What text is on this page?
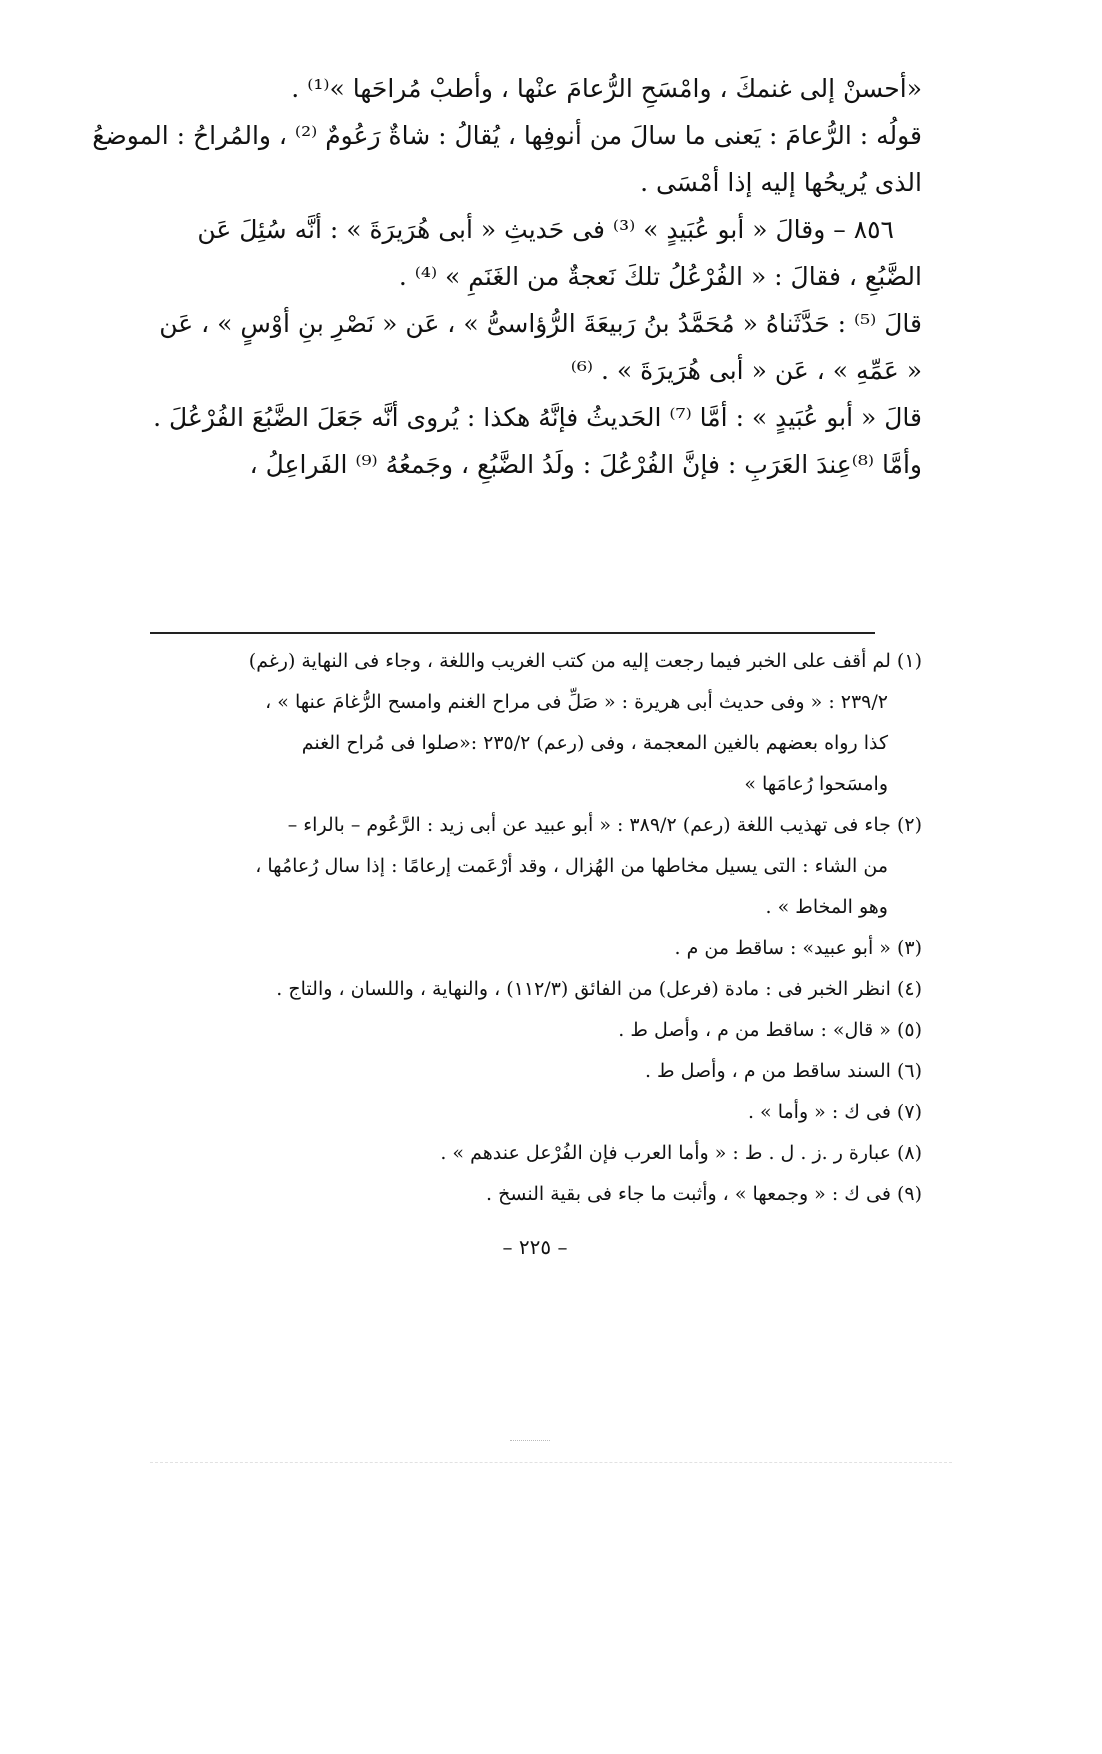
«أحسنْ إلى غنمكَ ، وامْسَحِ الرُّعامَ عنْها ، وأطبْ مُراحَها »⁽¹⁾ .

قولُه : الرُّعامَ : يَعنى ما سالَ من أنوفِها ، يُقالُ : شاةٌ رَعُومٌ ⁽²⁾ ، والمُراحُ : الموضعُ

الذى يُريحُها إليه إذا أمْسَى .

٨٥٦ – وقالَ « أبو عُبَيدٍ » ⁽³⁾ فى حَديثِ « أبى هُرَيرَةَ » : أنَّه سُئِلَ عَن

الضَّبُعِ ، فقالَ : « الفُرْعُلُ تلكَ نَعجةٌ من الغَنَمِ » ⁽⁴⁾ .

قالَ ⁽⁵⁾ : حَدَّثَناهُ « مُحَمَّدُ بنُ رَبيعَةَ الرُّؤاسىُّ » ، عَن « نَصْرِ بنِ أوْسٍ » ، عَن

« عَمِّهِ » ، عَن « أبى هُرَيرَةَ » . ⁽⁶⁾

قالَ « أبو عُبَيدٍ » : أمَّا ⁽⁷⁾ الحَديثُ فإنَّهُ هكذا : يُروى أنَّه جَعَلَ الضَّبُعَ الفُرْعُلَ .

وأمَّا ⁽⁸⁾عِندَ العَرَبِ : فإنَّ الفُرْعُلَ : ولَدُ الضَّبُعِ ، وجَمعُهُ ⁽⁹⁾ الفَراعِلُ ،

(١) لم أقف على الخبر فيما رجعت إليه من كتب الغريب واللغة ، وجاء فى النهاية (رغم)

٢٣٩/٢ : « وفى حديث أبى هريرة : « صَلِّ فى مراح الغنم وامسح الرُّغامَ عنها » ،

كذا رواه بعضهم بالغين المعجمة ، وفى (رعم) ٢٣٥/٢ :«صلوا فى مُراح الغنم

وامسَحوا رُعامَها »

(٢) جاء فى تهذيب اللغة (رعم) ٣٨٩/٢ : « أبو عبيد عن أبى زيد : الرَّعُوم – بالراء –

من الشاء : التى يسيل مخاطها من الهُزال ، وقد أرْعَمت إرعامًا : إذا سال رُعامُها ،

وهو المخاط » .

(٣) « أبو عبيد» : ساقط من م .

(٤) انظر الخبر فى : مادة (فرعل) من الفائق (١١٢/٣) ، والنهاية ، واللسان ، والتاج .

(٥) « قال» : ساقط من م ، وأصل ط .

(٦) السند ساقط من م ، وأصل ط .

(٧) فى ك : « وأما » .

(٨) عبارة ر .ز . ل . ط : « وأما العرب فإن الفُرْعل عندهم » .

(٩) فى ك : « وجمعها » ، وأثبت ما جاء فى بقية النسخ .

– ٢٢٥ –
